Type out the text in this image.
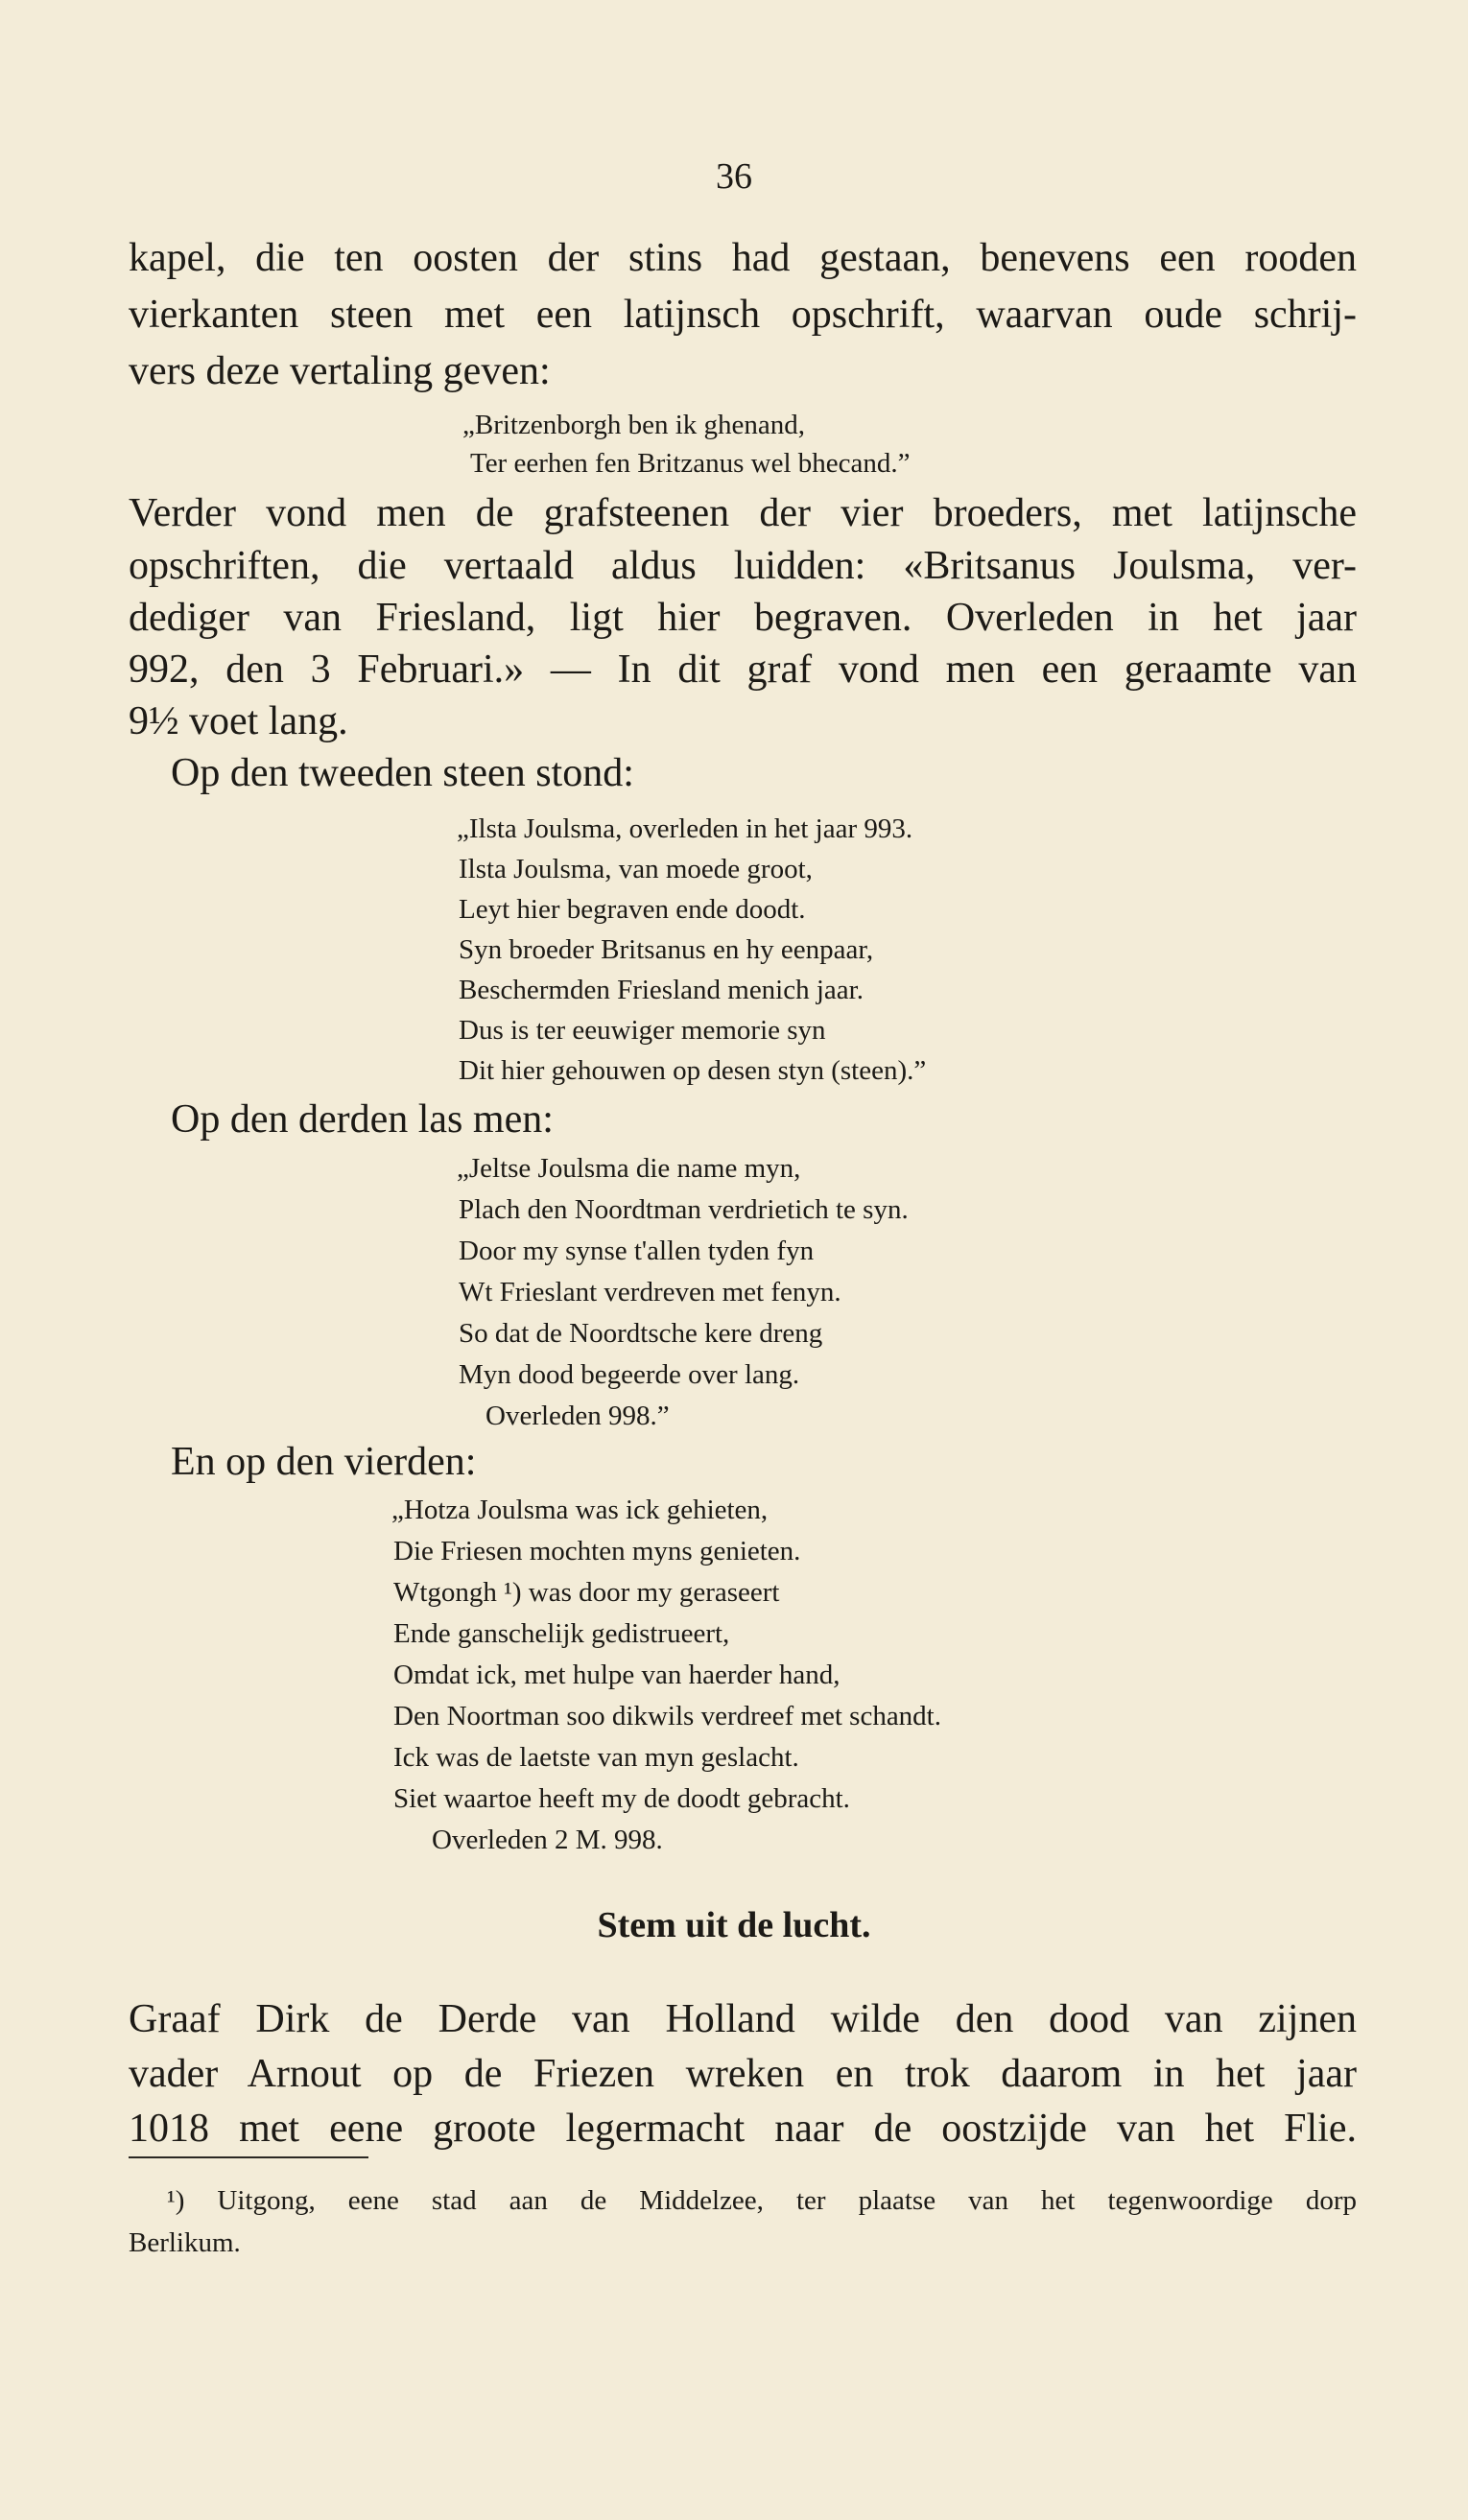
36
kapel, die ten oosten der stins had gestaan, benevens een rooden
vierkanten steen met een latijnsch opschrift, waarvan oude schrij-
vers deze vertaling geven:
„Britzenborgh ben ik ghenand,
Ter eerhen fen Britzanus wel bhecand.”
Verder vond men de grafsteenen der vier broeders, met latijnsche
opschriften, die vertaald aldus luidden: «Britsanus Joulsma, ver-
dediger van Friesland, ligt hier begraven. Overleden in het jaar
992, den 3 Februari.» — In dit graf vond men een geraamte van
9½ voet lang.
Op den tweeden steen stond:
„Ilsta Joulsma, overleden in het jaar 993.
Ilsta Joulsma, van moede groot,
Leyt hier begraven ende doodt.
Syn broeder Britsanus en hy eenpaar,
Beschermden Friesland menich jaar.
Dus is ter eeuwiger memorie syn
Dit hier gehouwen op desen styn (steen).”
Op den derden las men:
„Jeltse Joulsma die name myn,
Plach den Noordtman verdrietich te syn.
Door my synse t'allen tyden fyn
Wt Frieslant verdreven met fenyn.
So dat de Noordtsche kere dreng
Myn dood begeerde over lang.
Overleden 998.”
En op den vierden:
„Hotza Joulsma was ick gehieten,
Die Friesen mochten myns genieten.
Wtgongh ¹) was door my geraseert
Ende ganschelijk gedistrueert,
Omdat ick, met hulpe van haerder hand,
Den Noortman soo dikwils verdreef met schandt.
Ick was de laetste van myn geslacht.
Siet waartoe heeft my de doodt gebracht.
Overleden 2 M. 998.
Stem uit de lucht.
Graaf Dirk de Derde van Holland wilde den dood van zijnen
vader Arnout op de Friezen wreken en trok daarom in het jaar
1018 met eene groote legermacht naar de oostzijde van het Flie.
¹) Uitgong, eene stad aan de Middelzee, ter plaatse van het tegenwoordige dorp
Berlikum.
